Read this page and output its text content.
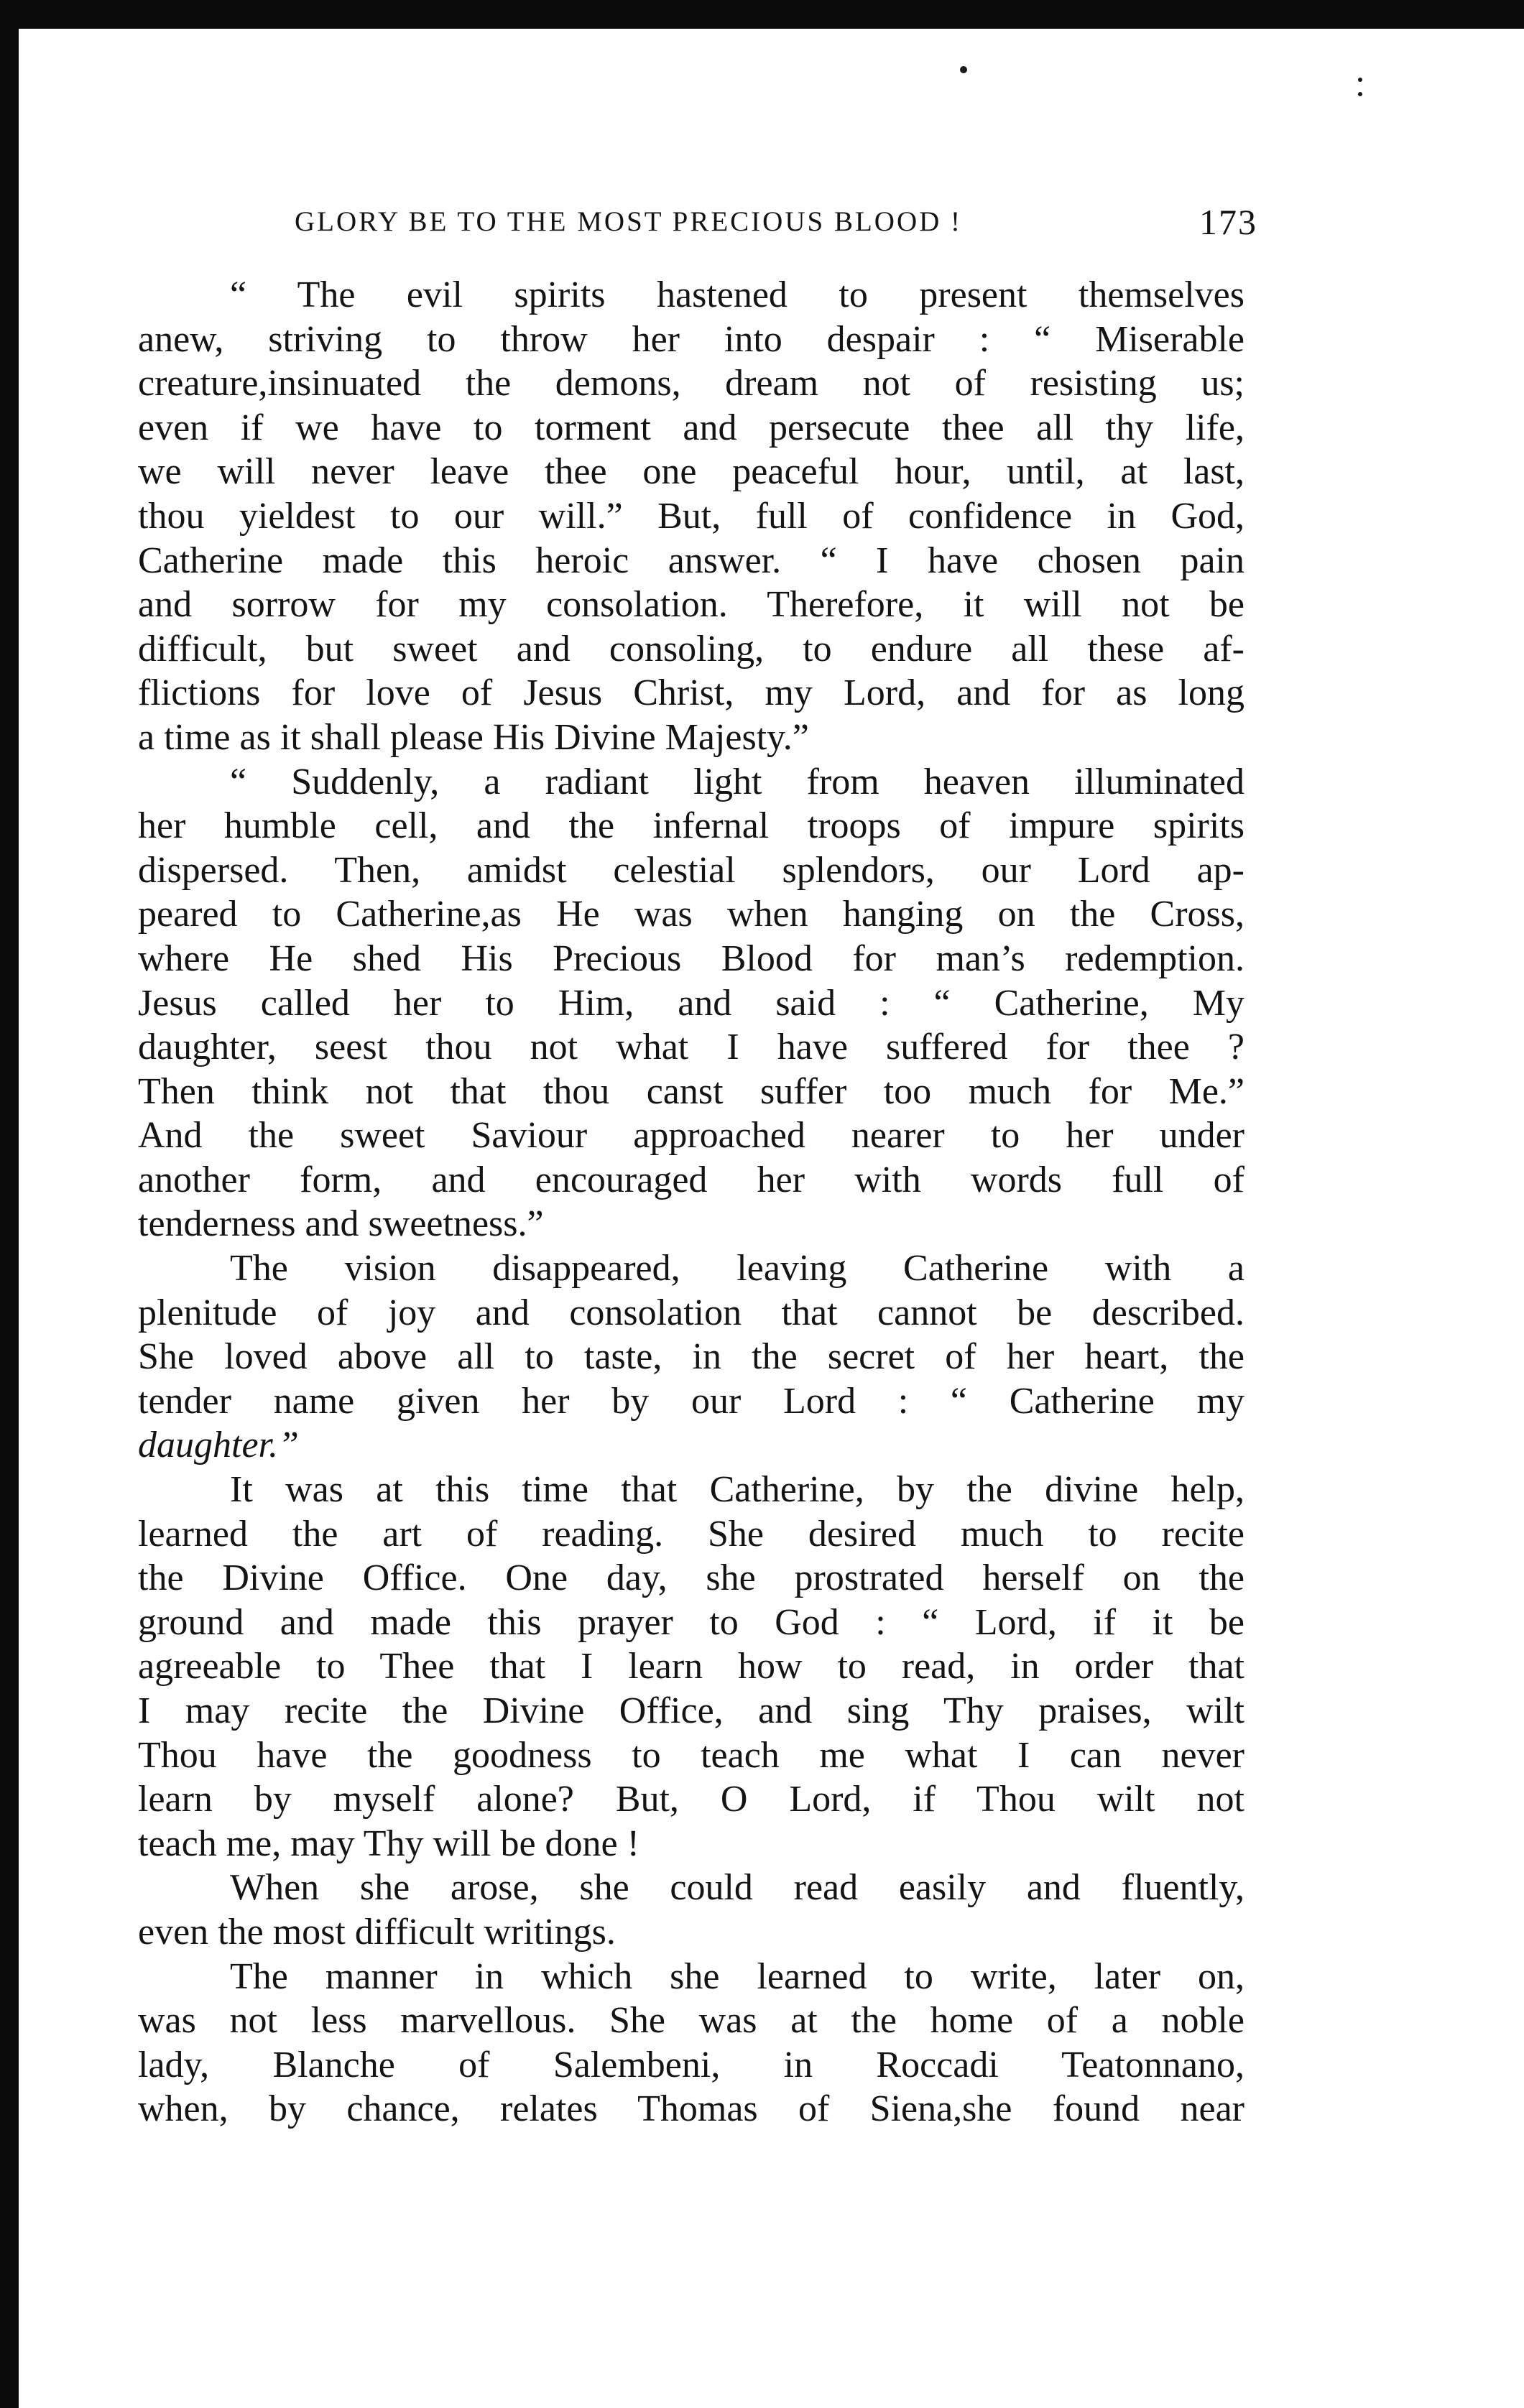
GLORY BE TO THE MOST PRECIOUS BLOOD !	173
“ The evil spirits hastened to present themselves
anew, striving to throw her into despair : “ Miserable
creature,insinuated the demons, dream not of resisting us;
even if we have to torment and persecute thee all thy life,
we will never leave thee one peaceful hour, until, at last,
thou yieldest to our will.” But, full of confidence in God,
Catherine made this heroic answer. “ I have chosen pain
and sorrow for my consolation. Therefore, it will not be
difficult, but sweet and consoling, to endure all these af-
flictions for love of Jesus Christ, my Lord, and for as long
a time as it shall please His Divine Majesty.”
“ Suddenly, a radiant light from heaven illuminated
her humble cell, and the infernal troops of impure spirits
dispersed. Then, amidst celestial splendors, our Lord ap-
peared to Catherine,as He was when hanging on the Cross,
where He shed His Precious Blood for man’s redemption.
Jesus called her to Him, and said : “ Catherine, My
daughter, seest thou not what I have suffered for thee ?
Then think not that thou canst suffer too much for Me.”
And the sweet Saviour approached nearer to her under
another form, and encouraged her with words full of
tenderness and sweetness.”
The vision disappeared, leaving Catherine with a
plenitude of joy and consolation that cannot be described.
She loved above all to taste, in the secret of her heart, the
tender name given her by our Lord : “ Catherine my
daughter.”
It was at this time that Catherine, by the divine help,
learned the art of reading. She desired much to recite
the Divine Office. One day, she prostrated herself on the
ground and made this prayer to God : “ Lord, if it be
agreeable to Thee that I learn how to read, in order that
I may recite the Divine Office, and sing Thy praises, wilt
Thou have the goodness to teach me what I can never
learn by myself alone? But, O Lord, if Thou wilt not
teach me, may Thy will be done !
When she arose, she could read easily and fluently,
even the most difficult writings.
The manner in which she learned to write, later on,
was not less marvellous. She was at the home of a noble
lady, Blanche of Salembeni, in Roccadi Teatonnano,
when, by chance, relates Thomas of Siena,she found near
